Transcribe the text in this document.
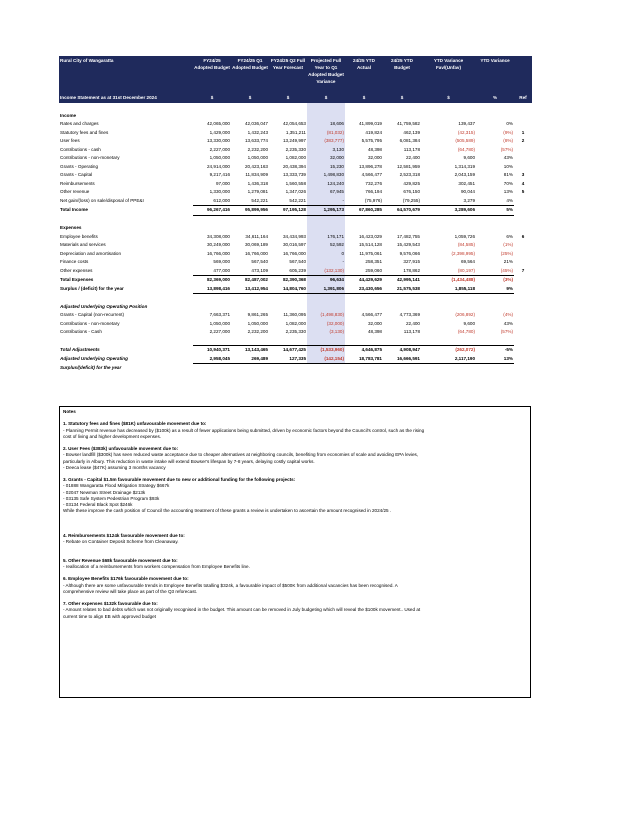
Rural City of Wangaratta	FY24/25 Adopted Budget	FY24/25 Q1 Adopted Budget	FY24/25 Q2 Full Year Forecast	Projected Full Year to Q1 Adopted Budget Variance	24/25 YTD Actual	24/25 YTD Budget	YTD Variance Fav/(Unfav)	YTD Variance	
Income Statement as at 31st December 2024	$	$	$	$	$	$	$	%	Ref

Income									
Rates and charges	42,065,000	42,036,047	42,054,653	18,606	41,899,019	41,759,582	139,437	0%	
Statutory fees and fines	1,429,000	1,432,243	1,351,211	(81,032)	419,824	462,139	(42,315)	(9%)	1
User fees	13,330,000	13,633,774	13,249,997	(383,777)	5,575,795	6,081,384	(505,589)	(8%)	2
Contributions - cash	2,227,000	2,232,200	2,235,330	3,130	48,398	113,178	(64,780)	(57%)	
Contributions - non-monetary	1,050,000	1,050,000	1,082,000	32,000	32,000	22,400	9,600	43%	
Grants - Operating	24,914,000	20,423,163	20,438,394	15,230	13,896,278	12,581,959	1,314,319	10%	
Grants - Capital	9,217,416	11,834,909	13,333,739	1,498,830	4,566,477	2,523,318	2,043,159	81%	3
Reimbursements	97,000	1,436,318	1,560,558	124,240	732,276	429,825	302,451	70%	4
Other revenue	1,330,000	1,279,081	1,347,026	67,945	766,194	676,150	90,044	13%	5
Net gain/(loss) on sale/disposal of PPE&I	612,000	542,221	542,221	-	(75,976)	(79,255)	3,279	4%	
Total Income	96,267,416	95,899,956	97,195,128	1,295,173	67,860,285	64,570,679	3,289,606	5%	

Expenses									
Employee benefits	34,308,000	34,611,164	34,434,993	176,171	16,423,029	17,482,755	1,059,726	6%	6
Materials and services	30,249,000	30,069,189	30,016,597	52,592	15,514,128	15,429,543	(84,585)	(1%)	
Depreciation and amortisation	16,766,000	16,766,000	16,766,000	0	11,975,061	9,576,066	(2,398,995)	(25%)	
Finance costs	569,000	567,540	567,540	-	258,351	327,915	69,564	21%	
Other expenses	477,000	473,109	605,239	(132,130)	259,060	178,862	(80,197)	(45%)	7
Total Expenses	82,369,000	82,487,002	82,390,368	96,634	44,429,629	42,995,141	(1,434,488)	(3%)	
Surplus / (deficit) for the year	13,898,416	13,412,954	14,804,760	1,391,806	23,430,656	21,575,538	1,855,118	9%	

Adjusted Underlying Operating Position									
Grants - Capital (non-recurrent)	7,663,371	9,861,265	11,360,095	(1,498,830)	4,566,477	4,773,369	(206,892)	(4%)	
Contributions - non-monetary	1,050,000	1,050,000	1,082,000	(32,000)	32,000	22,400	9,600	43%	
Contributions - Cash	2,227,000	2,232,200	2,235,330	(3,130)	48,398	113,178	(64,780)	(57%)	

Total Adjustments	10,940,371	13,143,465	14,677,425	(1,533,960)	4,646,875	4,908,947	(262,072)	-5%	
Adjusted Underlying Operating	2,958,045	269,489	127,335	(142,154)	18,783,781	16,666,591	2,117,190	13%	
Surplus/(deficit) for the year									

Notes

1. Statutory fees and fines ($81K) unfavourable movement due to:

- Planning Permit revenue has decreased by ($100k) as a result of fewer applications being submitted, driven by economic factors beyond the Council's control, such as the rising

cost of living and higher development expenses.

2. User Fees ($383k) unfavourable movement due to:

- Bowser landfill ($300k) has seen reduced waste acceptance due to cheaper alternatives at neighboring councils, benefiting from economies of scale and avoiding EPA levies,

particularly in Albury. This reduction in waste intake will extend Bowser's lifespan by 7-8 years, delaying costly capital works.

- Deeca lease ($47K) assuming 3 months vacancy

3. Grants - Capital $1.5m favourable movement due to new or additional funding for the following projects:

- 01888 Wangaratta Flood Mitigation Strategy $667k

- 02047 Newman Street Drainage $213k

- 03135 Safe System Pedestrian Program $93k

- 03134 Federal Black Spot $246k

While these improve the cash position of Council the accounting treatment of these grants a review is undertaken to ascertain the amount recognised in 2024/25 .

4. Reimbursements $124k favourable movement due to:

- Rebate on Container Deposit Scheme from Cleanaway.

5. Other Revenue $68k favourable movement due to:

- reallocation of a reimbursements from workers compensation from Employee Benefits line.

6. Employee Benefits $176k favourable movement due to:

- Although there are some unfavourable trends in Employee Benefits totalling $324k, a favourable impact of $500K from additional vacancies has been recognised. A

comprehensive review will take place as part of the Q3 reforecast.

7. Other expenses $132k favourable due to:

- Amount relates to bad debts which was not originally recognised in the budget. This amount can be removed in July budgeting which will reveal the $100k movement.. Used at

current time to align EB with approved budget
